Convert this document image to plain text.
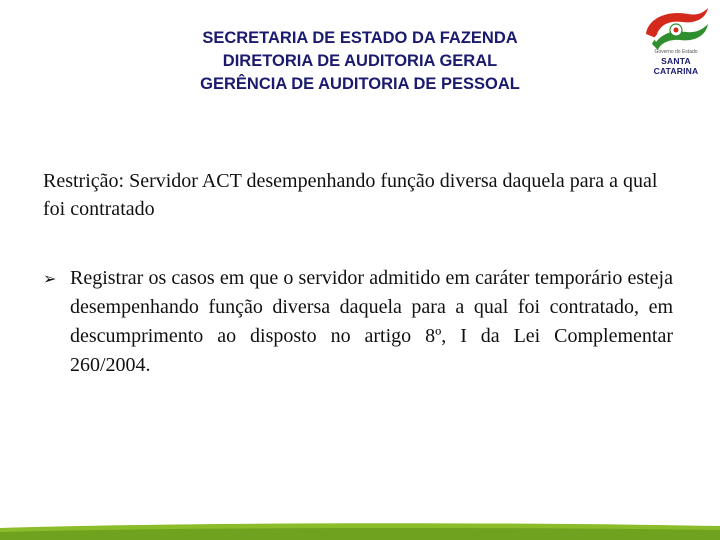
SECRETARIA DE ESTADO DA FAZENDA
DIRETORIA DE AUDITORIA GERAL
GERÊNCIA DE AUDITORIA DE PESSOAL
Governo do Estado
SANTA CATARINA
Restrição: Servidor ACT desempenhando função diversa daquela para a qual foi contratado
➢ Registrar os casos em que o servidor admitido em caráter temporário esteja desempenhando função diversa daquela para a qual foi contratado, em descumprimento ao disposto no artigo 8º, I da Lei Complementar 260/2004.
